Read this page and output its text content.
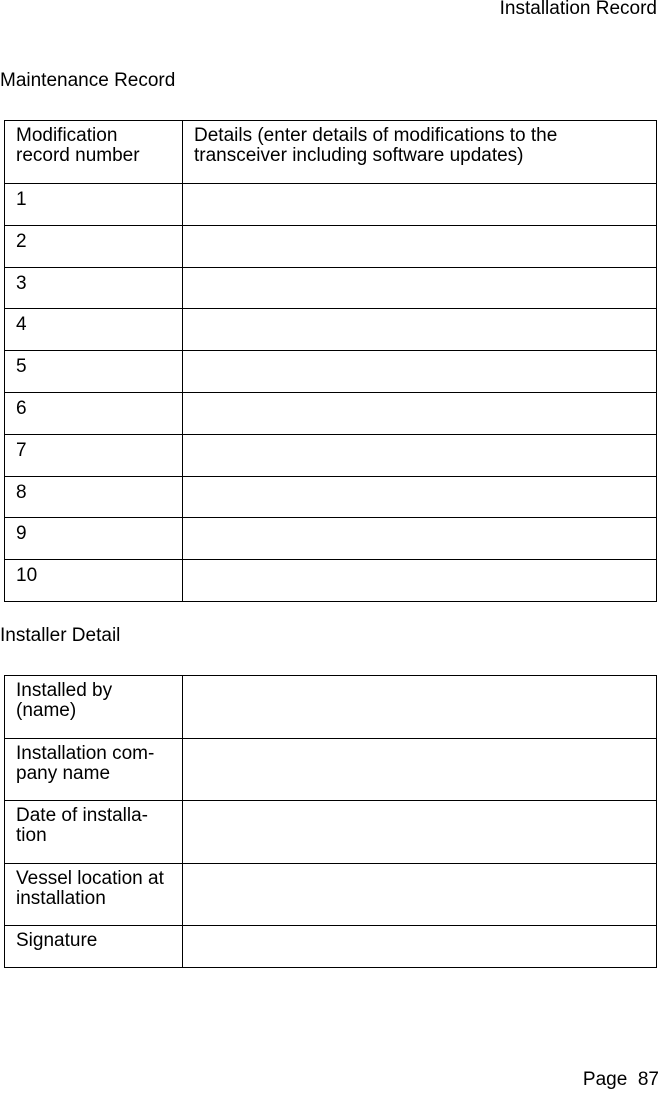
Installation Record
Maintenance Record
Modification record number	Details (enter details of modifications to the transceiver including software updates)
1	
2	
3	
4	
5	
6	
7	
8	
9	
10	
Installer Detail
Installed by (name)	
Installation com-pany name	
Date of installa-tion	
Vessel location at installation	
Signature	
Page  87
